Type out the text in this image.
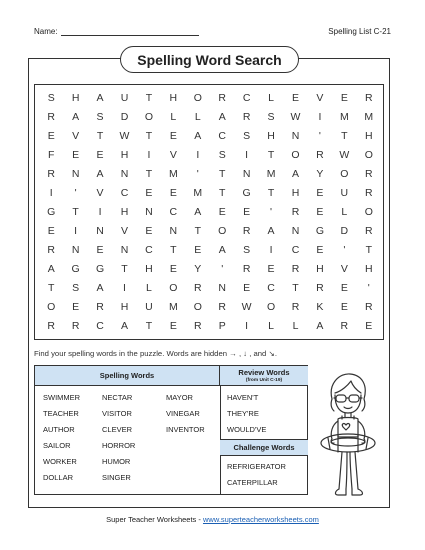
Name:	Spelling List C-21
Spelling Word Search
S	H	A	U	T	H	O	R	C	L	E	V	E	R
R	A	S	D	O	L	L	A	R	S	W	I	M	M
E	V	T	W	T	E	A	C	S	H	N	'	T	H
F	E	E	H	I	V	I	S	I	T	O	R	W	O
R	N	A	N	T	M	'	T	N	M	A	Y	O	R
I	'	V	C	E	E	M	T	G	T	H	E	U	R
G	T	I	H	N	C	A	E	E	'	R	E	L	O
E	I	N	V	E	N	T	O	R	A	N	G	D	R
R	N	E	N	C	T	E	A	S	I	C	E	'	T
A	G	G	T	H	E	Y	'	R	E	R	H	V	H
T	S	A	I	L	O	R	N	E	C	T	R	E	'
O	E	R	H	U	M	O	R	W	O	R	K	E	R
R	R	C	A	T	E	R	P	I	L	L	A	R	E
Find your spelling words in the puzzle. Words are hidden → , ↓ , and ↘.
Spelling Words	Review Words
(from Unit C-19)
SWIMMER
TEACHER
AUTHOR
SAILOR
WORKER
DOLLAR
NECTAR
VISITOR
CLEVER
HORROR
HUMOR
SINGER
MAYOR
VINEGAR
INVENTOR
HAVEN'T
THEY'RE
WOULD'VE
Challenge Words
REFRIGERATOR
CATERPILLAR
Super Teacher Worksheets - www.superteacherworksheets.com
